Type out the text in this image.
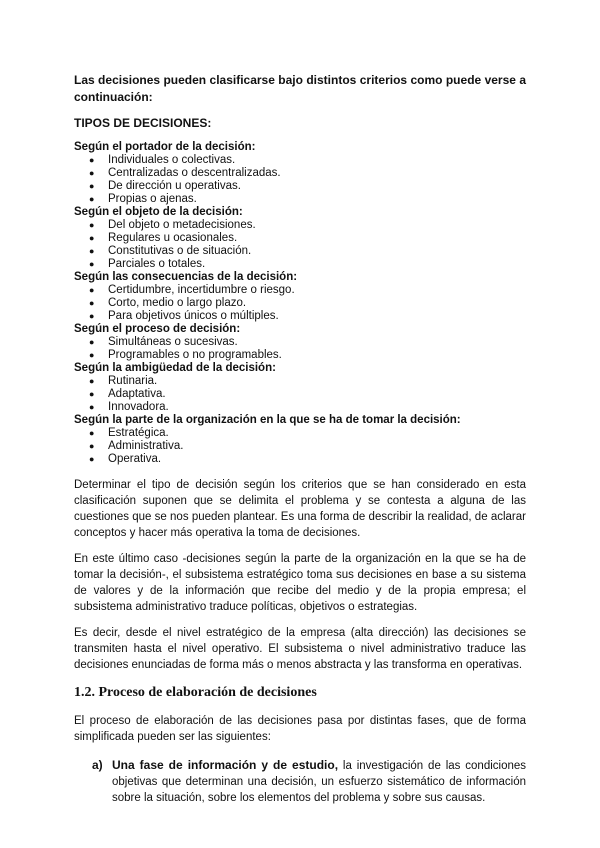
Las decisiones pueden clasificarse bajo distintos criterios como puede verse a continuación:

TIPOS DE DECISIONES:

Según el portador de la decisión:

● Individuales o colectivas.
● Centralizadas o descentralizadas.
● De dirección u operativas.
● Propias o ajenas.

Según el objeto de la decisión:

● Del objeto o metadecisiones.
● Regulares u ocasionales.
● Constitutivas o de situación.
● Parciales o totales.

Según las consecuencias de la decisión:

● Certidumbre, incertidumbre o riesgo.
● Corto, medio o largo plazo.
● Para objetivos únicos o múltiples.

Según el proceso de decisión:

● Simultáneas o sucesivas.
● Programables o no programables.

Según la ambigüedad de la decisión:

● Rutinaria.
● Adaptativa.
● Innovadora.

Según la parte de la organización en la que se ha de tomar la decisión:

● Estratégica.
● Administrativa.
● Operativa.

Determinar el tipo de decisión según los criterios que se han considerado en esta clasificación suponen que se delimita el problema y se contesta a alguna de las cuestiones que se nos pueden plantear. Es una forma de describir la realidad, de aclarar conceptos y hacer más operativa la toma de decisiones.

En este último caso -decisiones según la parte de la organización en la que se ha de tomar la decisión-, el subsistema estratégico toma sus decisiones en base a su sistema de valores y de la información que recibe del medio y de la propia empresa; el subsistema administrativo traduce políticas, objetivos o estrategias.

Es decir, desde el nivel estratégico de la empresa (alta dirección) las decisiones se transmiten hasta el nivel operativo. El subsistema o nivel administrativo traduce las decisiones enunciadas de forma más o menos abstracta y las transforma en operativas.

1.2. Proceso de elaboración de decisiones

El proceso de elaboración de las decisiones pasa por distintas fases, que de forma simplificada pueden ser las siguientes:

a) Una fase de información y de estudio, la investigación de las condiciones objetivas que determinan una decisión, un esfuerzo sistemático de información sobre la situación, sobre los elementos del problema y sobre sus causas.
